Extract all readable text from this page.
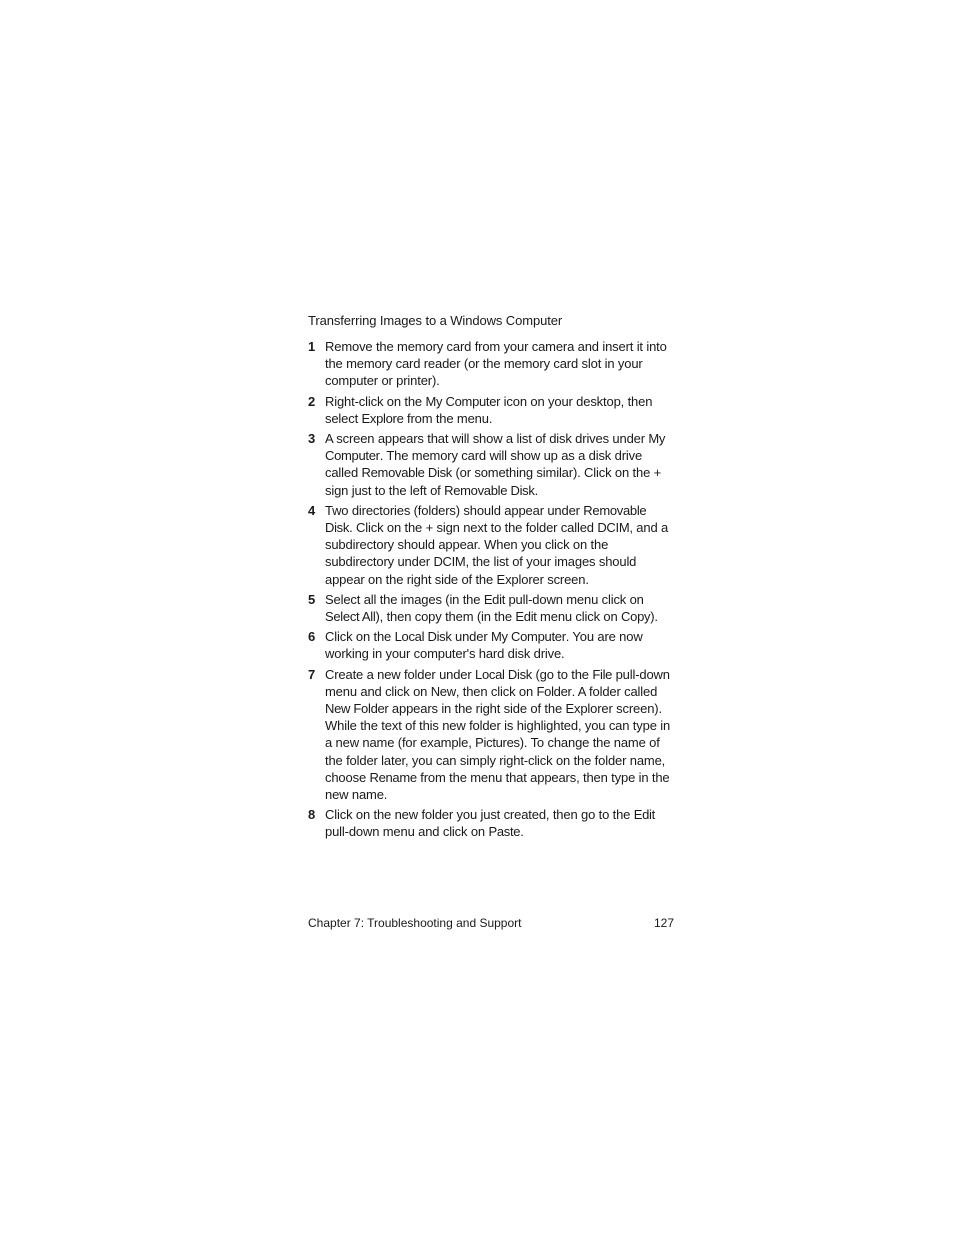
Transferring Images to a Windows Computer
1 Remove the memory card from your camera and insert it into the memory card reader (or the memory card slot in your computer or printer).
2 Right-click on the My Computer icon on your desktop, then select Explore from the menu.
3 A screen appears that will show a list of disk drives under My Computer. The memory card will show up as a disk drive called Removable Disk (or something similar). Click on the + sign just to the left of Removable Disk.
4 Two directories (folders) should appear under Removable Disk. Click on the + sign next to the folder called DCIM, and a subdirectory should appear. When you click on the subdirectory under DCIM, the list of your images should appear on the right side of the Explorer screen.
5 Select all the images (in the Edit pull-down menu click on Select All), then copy them (in the Edit menu click on Copy).
6 Click on the Local Disk under My Computer. You are now working in your computer's hard disk drive.
7 Create a new folder under Local Disk (go to the File pull-down menu and click on New, then click on Folder. A folder called New Folder appears in the right side of the Explorer screen). While the text of this new folder is highlighted, you can type in a new name (for example, Pictures). To change the name of the folder later, you can simply right-click on the folder name, choose Rename from the menu that appears, then type in the new name.
8 Click on the new folder you just created, then go to the Edit pull-down menu and click on Paste.
Chapter 7: Troubleshooting and Support	127
